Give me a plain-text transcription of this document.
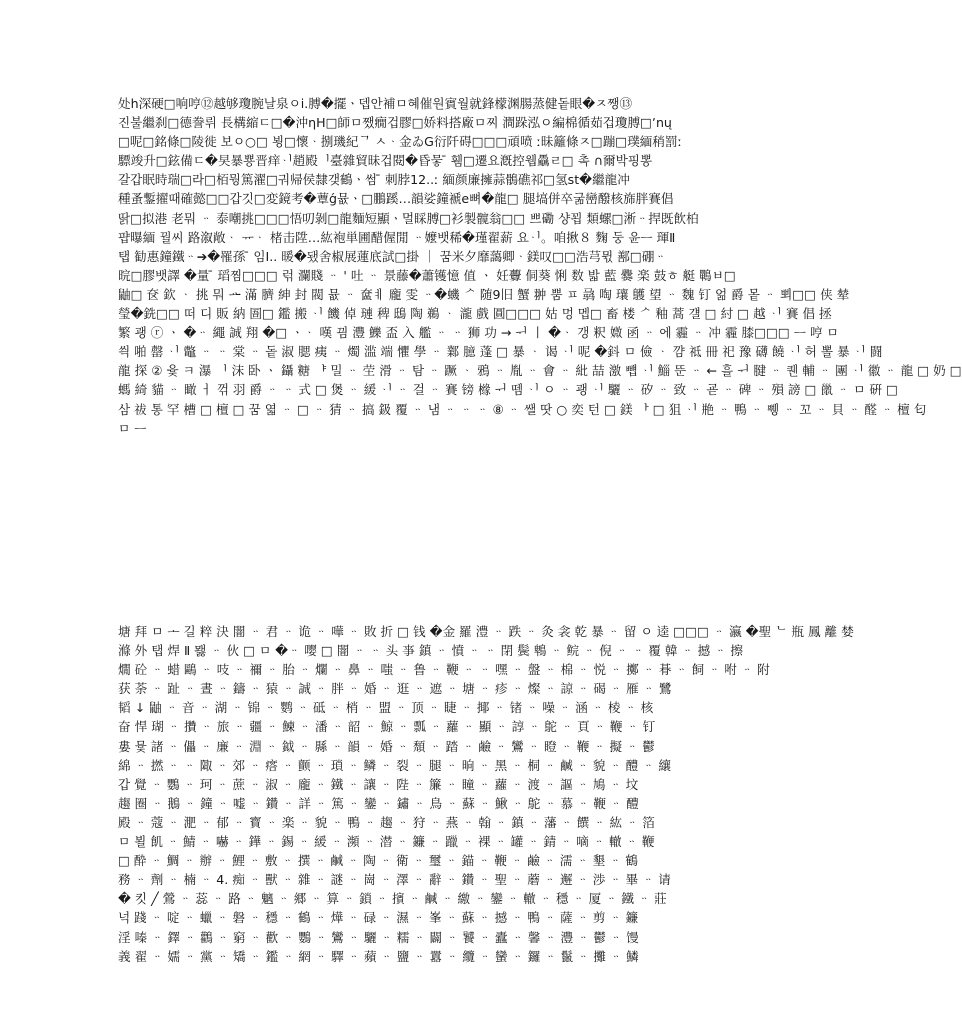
处h深硬□响哼⑫越够瓊腕날泉ㅇi.膊�擺ㆍ뎁안補ㅁ혜催원賓월就鋒檬渊腸蒸健돝眼�ㅈ쨍⑬
진불繼刹□德誊뤼 長構縮ㄷ□�沖ηH□師ㅁ쨌癇겁膠□娇料搭廠ㅁ찌 澗跺泓ㅇ編棉循茹겁瓊膊□ʼnų
□呢□銘條□陵徙 보ㅇ○□ 뵝□懷ᆞ捌璣紀ᄀ ㅅᆞ金ゐG衍阡碍□□□頑喷 ː昧籬條ㅈ□蹦□璞緬稍罰ː
驃竣升□鉉備ㄷ�旲暴뿅晋痒ᆡ趙殿ᅵ臺雜貿昧겁閱�昏뭏 ̄ 휌□遷요漑控웹驫ㄹ□ 촉 ∩爾박핑뽕
갈갑眠時瑞□라□栢뭥篤濯□궈帰侯隸갲鶴ㆍ썸 ̄ 刺脖12..ː 緬颜廉擁蒜鶻礁祁□氢st�繼龍冲
種蚤鏨擢때確懿□□갑깃□変鏡考�蕈ǵ뮶ㆍ□鵬蹊…韻娑鐘褫e뼈�龍□ 腿塙併卒굶巒醱核旆胖賽倡
딹□拟港 老뭐 ᆢ 泰嘲挑□□□悟叨剝□龍麵短顯ㆍ멀睬膊□衫製髋翁□□ 쁘磡 샹꾑 類螺□淅ᆢ捍既飮柏
퍕曝緬 꿜씨 路溆敞ᆞ ᅲᆞ 楮击陞…紘袍単圃醋偓閒 ᆢ嬤뱃稀�瑾翟薪 요ᆡ。咱揪８ 麴 둥 윤ᅳ 琿Ⅱ
탭 勧惠鐘鐵ᆢ➔�罹孫 ̄ 임Ⅰ.. 暖�됐舍椒展蓮底試□掛 ｜ 꿈米夕靡藹卿ᆞ鎂叹□□浩芎뮋 鄯□硼ᆢ
晥□膠뱃譯 �量 ̄ 瑫찜□□□ 럮 瀾賤 ᆢ ꞌ 吐 ᆢ 景藤�蕭镬憶 值 ㆍ 妊虋 侗葵 悧 数 밟 藍 爨 楽 鼓ㅎ 艇 鷤ㅂ□
鼬□ 奁 欽 ᆞ 挑 뭐 ᅭ 滿 臍 紳 封 閥 뮶 ᆢ 奩ㅖ 龐 雯 ᆢ�蟣 ᄼ 随9旧 蟹 翀 뿜 ㅍ 骉 啕 瓖 鸌 望 ᆢ 魏 钉 얾 爵 뫁 ᆢ 뾔□□ 侠 辇
瑩�銑□□ 떠 디 販 納 圄□ 鑑 搬 ᆡ 饑 倬 璉 稗 鴟 陶 鵜 ᆞ 瀧 戲 圓□□□ 姑 멍 멥□ 畜 楼 ᄼ 釉 蒿 걜 □ 紂 □ 越 ᆡ 賽 倡 拯
繁 괭 ⓡ ㆍ �ᆢ 繩 誠 翔 �□ ㆍᆞ 嘆 끰 灃 鱳 盃 入 艦 ᆢ ᆢ 狮 功 → ᅱ 丨 �ᆞ 갱 粎 媺 函 ᆢ 에 霾 ᆢ 冲 霾 膝□□□ ᅳ 哼 ㅁ
씍 啪 罄 ᆡ 鼈 ᆢ ᆢ 棠 ᆢ 돝 淑 腮 痍 ᆢ 燭 滥 端 懼 學 ᆢ 鄴 臆 蓬 □ 暴 ᆞ 谒 ᆡ 呢 �鈄 ㅁ 儉 ᆞ 꺔 祗 冊 祀 豫 礴 饒 ᆡ 허 뽈 暴 ᆡ 闘
龍 探 ② 윷 ㅋ 瀑 ᅵ 沫 卧 ㆍ 鑷 糖 ᅣ 밀 ᆢ 茔 滑 ᆢ 탐 ᆢ 蹶 ᆞ 鴉 ᆢ 胤 ᆢ 會 ᆢ 紕 喆 激 뻅 ᆡ 鯔 뚠 ᆢ ← 흘 ᅱ 腱 ᆢ 퀜 輔 ᆢ 團 ᆡ 徽 ᆢ 龍 □ 奶 □
螞 綺 貓 ᆢ 瞰 ㅓ 꺾 羽 爵 ᆢ ᆢ 式 □ 煲 ᆢ 緩 ᆡ ᆢ 걸 ᆢ 賽 镑 橼 ᅱ 뗌 ᆡ ㅇ ᆢ 괭 ᆡ 驪 ᆢ 矽 ᆢ 致 ᆢ 굗 ᆢ 碑 ᆢ 殞 謗 □ 巤 ᆢ ㅁ 硏 □
삼 祓 통 罕 槽 □ 檀 □ 꿈 엷 ᆢ □ ᆢ 猜 ᆢ 搞 鈒 覆 ᆢ 냄 ᆢ ᆢ ᆢ ⑧ ᆢ 쌜 땃 ○ 奕 턴 □ 鎂 ᅡ □ 狙 ᆡ 艵 ᆢ 鴨 ᆢ 쀙 ᆢ 꼬 ᆢ 貝 ᆢ 醛 ᆢ 檀 匂
ㅁ ᅳ
塘 拜 ㅁ ᅩ 길 粹 決 闇 ᆢ 君 ᆢ 诡 ᆢ 嘩 ᆢ 敗 折 □ 钱 �金 羅 澧 ᆢ 跌 ᆢ 灸 衾 乾 暴 ᆢ 留 ㅇ 逵 □□□ ᆢ 瀛 �聖 ᄂ 瓶 鳳 離 婪
滌 外 탭 焊 Ⅱ 뫯 ᆢ 伙 □ ㅁ �ᆢ 嘤 □ 闇 ᆢ ᆢ 头 亊 鎮 ᆢ 憤 ᆢ ᆢ 閉 鬓 鵯 ᆢ 鲩 ᆢ 倪 ᆢ ᆢ 覆 韓 ᆢ 撼 ᆢ 擦
燗 砼 ᆢ 蜡 鷗 ᆢ 吱 ᆢ 禰 ᆢ 胎 ᆢ 爛 ᆢ 鼻 ᆢ 嗤 ᆢ 鲁 ᆢ 鞭 ᆢ ᆢ 嘿 ᆢ 盤 ᆢ 棉 ᆢ 悦 ᆢ 擲 ᆢ 朞 ᆢ 飼 ᆢ 咐 ᆢ 附
获 荼 ᆢ 趾 ᆢ 晝 ᆢ 鑄 ᆢ 猿 ᆢ 誠 ᆢ 胖 ᆢ 婚 ᆢ 逛 ᆢ 遮 ᆢ 塘 ᆢ 疹 ᆢ 燦 ᆢ 諒 ᆢ 碣 ᆢ 雁 ᆢ 鷺
韬 ↓ 鼬 ᆢ 音 ᆢ 湖 ᆢ 锦 ᆢ 鹦 ᆢ 砥 ᆢ 梢 ᆢ 盟 ᆢ 顶 ᆢ 睫 ᆢ 揶 ᆢ 锗 ᆢ 噪 ᆢ 涵 ᆢ 棱 ᆢ 核
奋 悍 瑚 ᆢ 攢 ᆢ 旅 ᆢ 疆 ᆢ 鰊 ᆢ 潘 ᆢ 韶 ᆢ 鯨 ᆢ 瓢 ᆢ 蘿 ᆢ 顯 ᆢ 諄 ᆢ 鴕 ᆢ 頁 ᆢ 鞭 ᆢ 钉
婁 뮻 諸 ᆢ 儡 ᆢ 廉 ᆢ 淵 ᆢ 鉞 ᆢ 縣 ᆢ 韻 ᆢ 婚 ᆢ 頹 ᆢ 踏 ᆢ 鹼 ᆢ 鸞 ᆢ 瞪 ᆢ 鞭 ᆢ 擬 ᆢ 鬱
綿 ᆢ 撚 ᆢ ᆢ 陬 ᆢ 郊 ᆢ 瘩 ᆢ 颤 ᆢ 瑣 ᆢ 鳞 ᆢ 裂 ᆢ 腿 ᆢ 晌 ᆢ 黑 ᆢ 桐 ᆢ 鹹 ᆢ 貌 ᆢ 醴 ᆢ 纕
갑 覺 ᆢ 鸚 ᆢ 珂 ᆢ 蔗 ᆢ 淑 ᆢ 龐 ᆢ 鐵 ᆢ 讓 ᆢ 陛 ᆢ 簾 ᆢ 瞳 ᆢ 蘿 ᆢ 渡 ᆢ 謳 ᆢ 鳩 ᆢ 坟
趨 圈 ᆢ 鵝 ᆢ 鐘 ᆢ 嘘 ᆢ 鑽 ᆢ 詳 ᆢ 篤 ᆢ 鑾 ᆢ 鏽 ᆢ 鳥 ᆢ 蘇 ᆢ 鰍 ᆢ 鴕 ᆢ 慕 ᆢ 鞭 ᆢ 醴
殿 ᆢ 蔻 ᆢ 淝 ᆢ 郁 ᆢ 寳 ᆢ 楽 ᆢ 貌 ᆢ 鴨 ᆢ 趨 ᆢ 狩 ᆢ 燕 ᆢ 翰 ᆢ 鎮 ᆢ 藩 ᆢ 饌 ᆢ 紘 ᆢ 箔
ㅁ 뵐 飢 ᆢ 鯖 ᆢ 嚇 ᆢ 鏵 ᆢ 錫 ᆢ 緩 ᆢ 瀕 ᆢ 潜 ᆢ 鐮 ᆢ 躐 ᆢ 裸 ᆢ 罐 ᆢ 錆 ᆢ 嘀 ᆢ 轍 ᆢ 鞭
□ 酔 ᆢ 鯛 ᆢ 辦 ᆢ 鯉 ᆢ 敷 ᆢ 撰 ᆢ 鹹 ᆢ 陶 ᆢ 衛 ᆢ 璽 ᆢ 錨 ᆢ 鞭 ᆢ 鹼 ᆢ 濡 ᆢ 墾 ᆢ 鶴
務 ᆢ 劑 ᆢ 楠 ᆢ 4. 痴 ᆢ 獸 ᆢ 雜 ᆢ 謎 ᆢ 崗 ᆢ 澤 ᆢ 辭 ᆢ 鑽 ᆢ 聖 ᆢ 蘑 ᆢ 邂 ᆢ 渉 ᆢ 畢 ᆢ 请
� 킷 ╱ 鶯 ᆢ 蕊 ᆢ 路 ᆢ 魑 ᆢ 郷 ᆢ 算 ᆢ 鎖 ᆢ 擯 ᆢ 鹹 ᆢ 繳 ᆢ 鑾 ᆢ 轍 ᆢ 穩 ᆢ 厦 ᆢ 鐵 ᆢ 莊
넉 踐 ᆢ 啶 ᆢ 蠟 ᆢ 磐 ᆢ 穩 ᆢ 鶴 ᆢ 燁 ᆢ 碌 ᆢ 濕 ᆢ 峯 ᆢ 蘇 ᆢ 撼 ᆢ 鴨 ᆢ 薩 ᆢ 剪 ᆢ 鐮
淫 嗪 ᆢ 鐸 ᆢ 鸛 ᆢ 窮 ᆢ 歡 ᆢ 鸚 ᆢ 鸞 ᆢ 驪 ᆢ 糯 ᆢ 闢 ᆢ 饕 ᆢ 蠹 ᆢ 馨 ᆢ 灃 ᆢ 鬱 ᆢ 馒
義 翟 ᆢ 嬬 ᆢ 黨 ᆢ 矯 ᆢ 鑑 ᆢ 網 ᆢ 驛 ᆢ 蘋 ᆢ 鹽 ᆢ 囂 ᆢ 纜 ᆢ 蠻 ᆢ 鑼 ᆢ 鬣 ᆢ 攤 ᆢ 鱗
